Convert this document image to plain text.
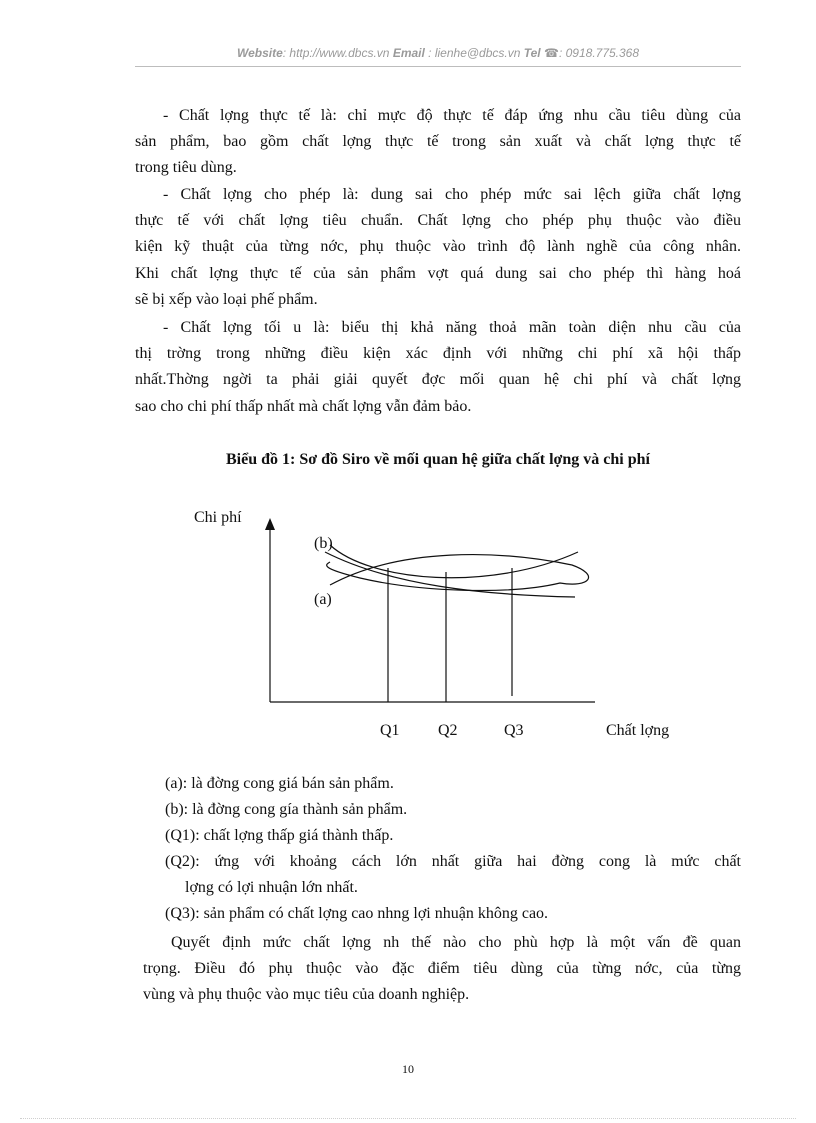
Website: http://www.dbcs.vn Email : lienhe@dbcs.vn Tel ☎: 0918.775.368
- Chất lợng thực tế là: chỉ mực độ thực tế đáp ứng nhu cầu tiêu dùng của
sản phẩm, bao gồm chất lợng thực tế trong sản xuất và chất lợng thực tế
trong tiêu dùng.
- Chất lợng cho phép là: dung sai cho phép mức sai lệch giữa chất lợng
thực tế với chất lợng tiêu chuẩn. Chất lợng cho phép phụ thuộc vào điều
kiện kỹ thuật của từng nớc, phụ thuộc vào trình độ lành nghề của công nhân.
Khi chất lợng thực tế của sản phẩm vợt quá dung sai cho phép thì hàng hoá
sẽ bị xếp vào loại phế phẩm.
- Chất lợng tối u là: biểu thị khả năng thoả mãn toàn diện nhu cầu của
thị trờng trong những điều kiện xác định với những chi phí xã hội thấp
nhất.Thờng ngời ta phải giải quyết đợc mối quan hệ chi phí và chất lợng
sao cho chi phí thấp nhất mà chất lợng vẫn đảm bảo.
Biểu đồ 1: Sơ đồ Siro về mối quan hệ giữa chất lợng và chi phí
Chi phí
(b)
(a)
Q1 Q2	Q3	Chất lợng
(a): là đờng cong giá bán sản phẩm.
(b): là đờng cong gía thành sản phẩm.
(Q1): chất lợng thấp giá thành thấp.
(Q2): ứng với khoảng cách lớn nhất giữa hai đờng cong là mức chất
lợng có lợi nhuận lớn nhất.
(Q3): sản phẩm có chất lợng cao nhng lợi nhuận không cao.
Quyết định mức chất lợng nh thế nào cho phù hợp là một vấn đề quan
trọng. Điều đó phụ thuộc vào đặc điểm tiêu dùng của từng nớc, của từng
vùng và phụ thuộc vào mục tiêu của doanh nghiệp.
10
